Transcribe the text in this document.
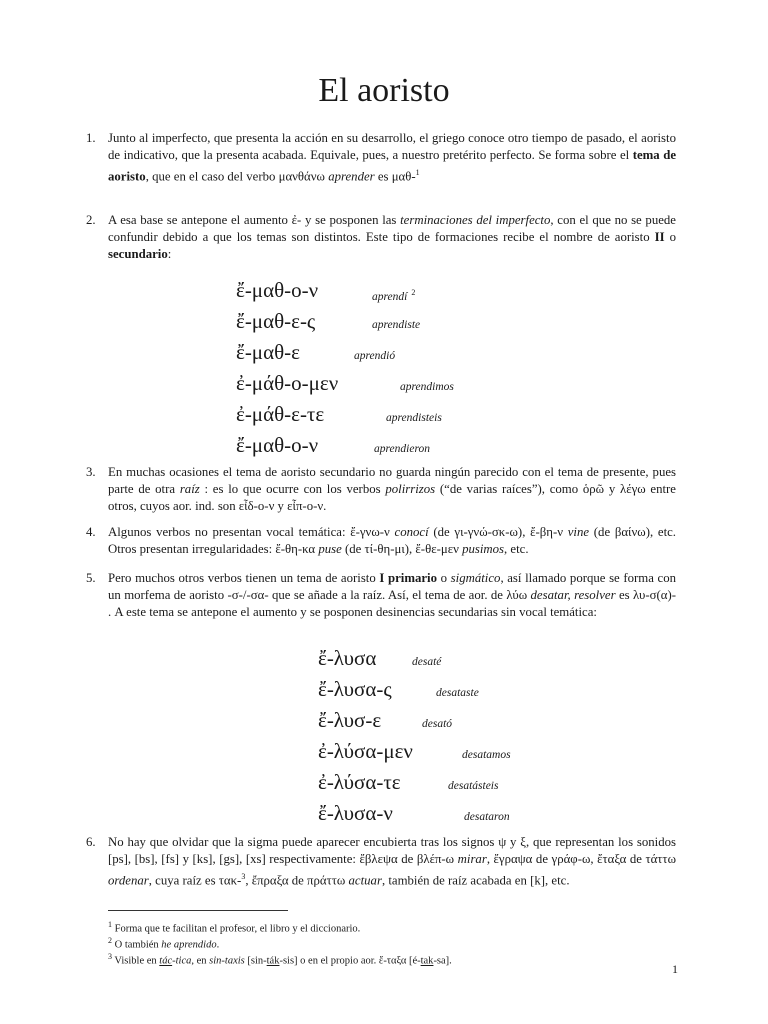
El aoristo
1. Junto al imperfecto, que presenta la acción en su desarrollo, el griego conoce otro tiempo de pasado, el aoristo de indicativo, que la presenta acabada. Equivale, pues, a nuestro pretérito perfecto. Se forma sobre el tema de aoristo, que en el caso del verbo μανθάνω aprender es μαθ-$^1$
2. A esa base se antepone el aumento ἐ- y se posponen las terminaciones del imperfecto, con el que no se puede confundir debido a que los temas son distintos. Este tipo de formaciones recibe el nombre de aoristo II o secundario:
ἔ-μαθ-ο-ν	aprendí $^2$
ἔ-μαθ-ε-ς	aprendiste
ἔ-μαθ-ε	aprendió
ἐ-μάθ-ο-μεν	aprendimos
ἐ-μάθ-ε-τε	aprendisteis
ἔ-μαθ-ο-ν	aprendieron
3. En muchas ocasiones el tema de aoristo secundario no guarda ningún parecido con el tema de presente, pues parte de otra raíz : es lo que ocurre con los verbos polirrizos (“de varias raíces”), como ὁρῶ y λέγω entre otros, cuyos aor. ind. son εἶδ-ο-ν y εἶπ-ο-ν.
4. Algunos verbos no presentan vocal temática: ἔ-γνω-ν conocí (de γι-γνώ-σκ-ω), ἔ-βη-ν vine (de βαίνω), etc. Otros presentan irregularidades: ἔ-θη-κα puse (de τί-θη-μι), ἔ-θε-μεν pusimos, etc.
5. Pero muchos otros verbos tienen un tema de aoristo I primario o sigmático, así llamado porque se forma con un morfema de aoristo -σ-/-σα- que se añade a la raíz. Así, el tema de aor. de λύω desatar, resolver es λυ-σ(α)- . A este tema se antepone el aumento y se posponen desinencias secundarias sin vocal temática:
ἔ-λυσα	desaté
ἔ-λυσα-ς	desataste
ἔ-λυσ-ε	desató
ἐ-λύσα-μεν	desatamos
ἐ-λύσα-τε	desatásteis
ἔ-λυσα-ν	desataron
6. No hay que olvidar que la sigma puede aparecer encubierta tras los signos ψ y ξ, que representan los sonidos [ps], [bs], [fs] y [ks], [gs], [xs] respectivamente: ἔβλεψα de βλέπ-ω mirar, ἔγραψα de γράφ-ω, ἔταξα de τάττω ordenar, cuya raíz es τακ-$^3$, ἔπραξα de πράττω actuar, también de raíz acabada en [k], etc.
$^1$ Forma que te facilitan el profesor, el libro y el diccionario.
$^2$ O también he aprendido.
$^3$ Visible en tác-tica, en sin-taxis [sin-ták-sis] o en el propio aor. ἔ-ταξα [é-tak-sa].
1
